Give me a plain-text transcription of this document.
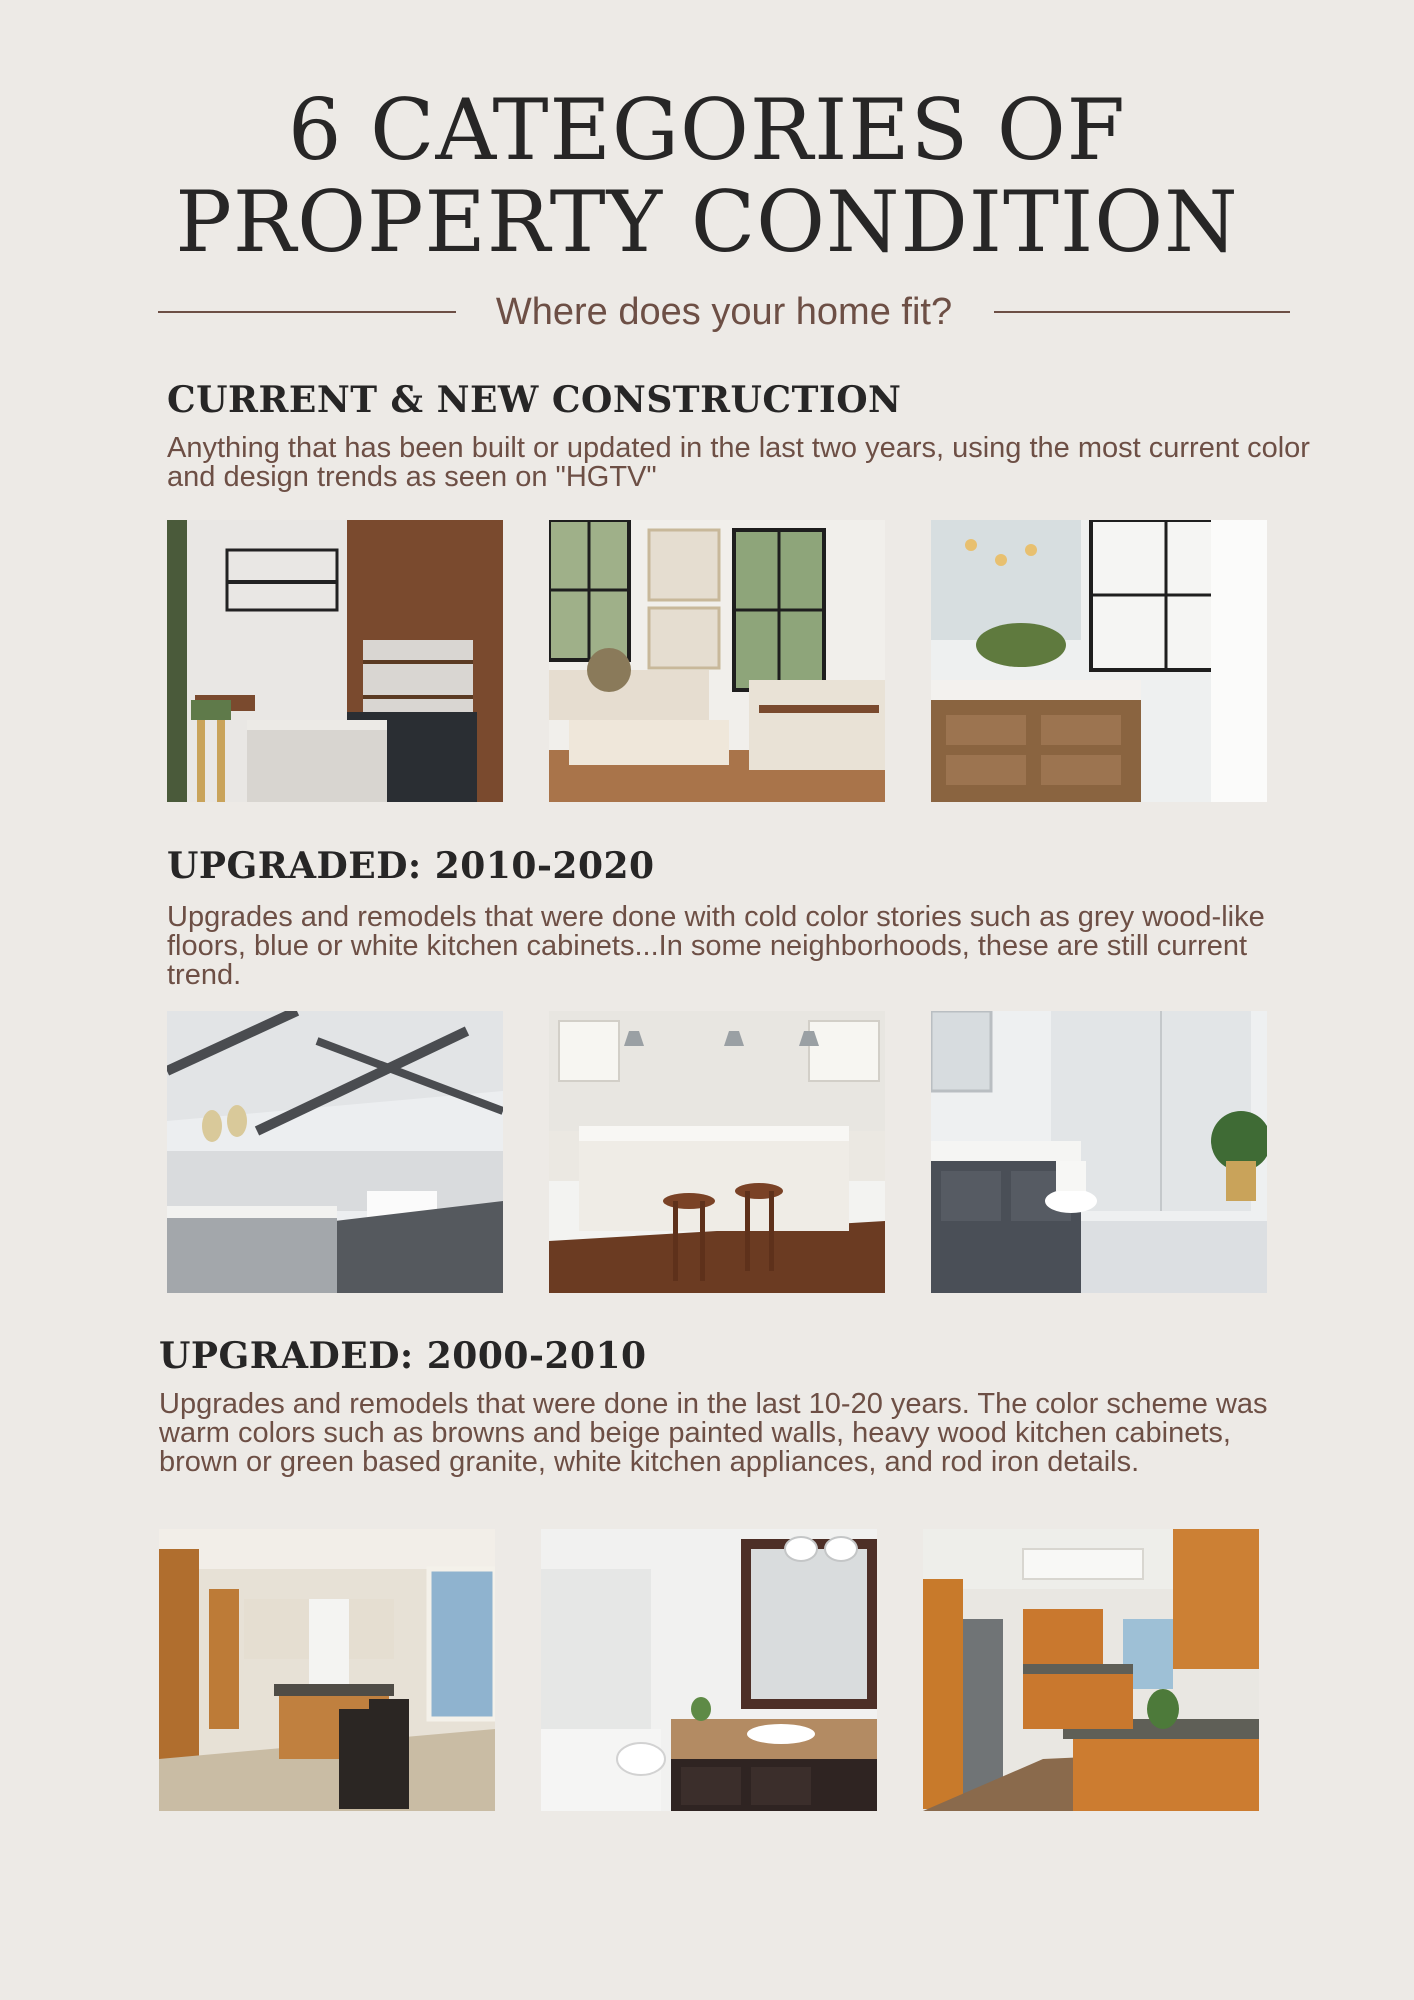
6 CATEGORIES OF
PROPERTY CONDITION
Where does your home fit?
CURRENT & NEW CONSTRUCTION
Anything that has been built or updated in the last two years, using the most current color and design trends as seen on "HGTV"
UPGRADED: 2010-2020
Upgrades and remodels that were done with cold color stories such as grey wood-like floors, blue or white kitchen cabinets...In some neighborhoods, these are still current trend.
UPGRADED: 2000-2010
Upgrades and remodels that were done in the last 10-20 years. The color scheme was warm colors such as browns and beige painted walls, heavy wood kitchen cabinets, brown or green based granite, white kitchen appliances, and rod iron details.
